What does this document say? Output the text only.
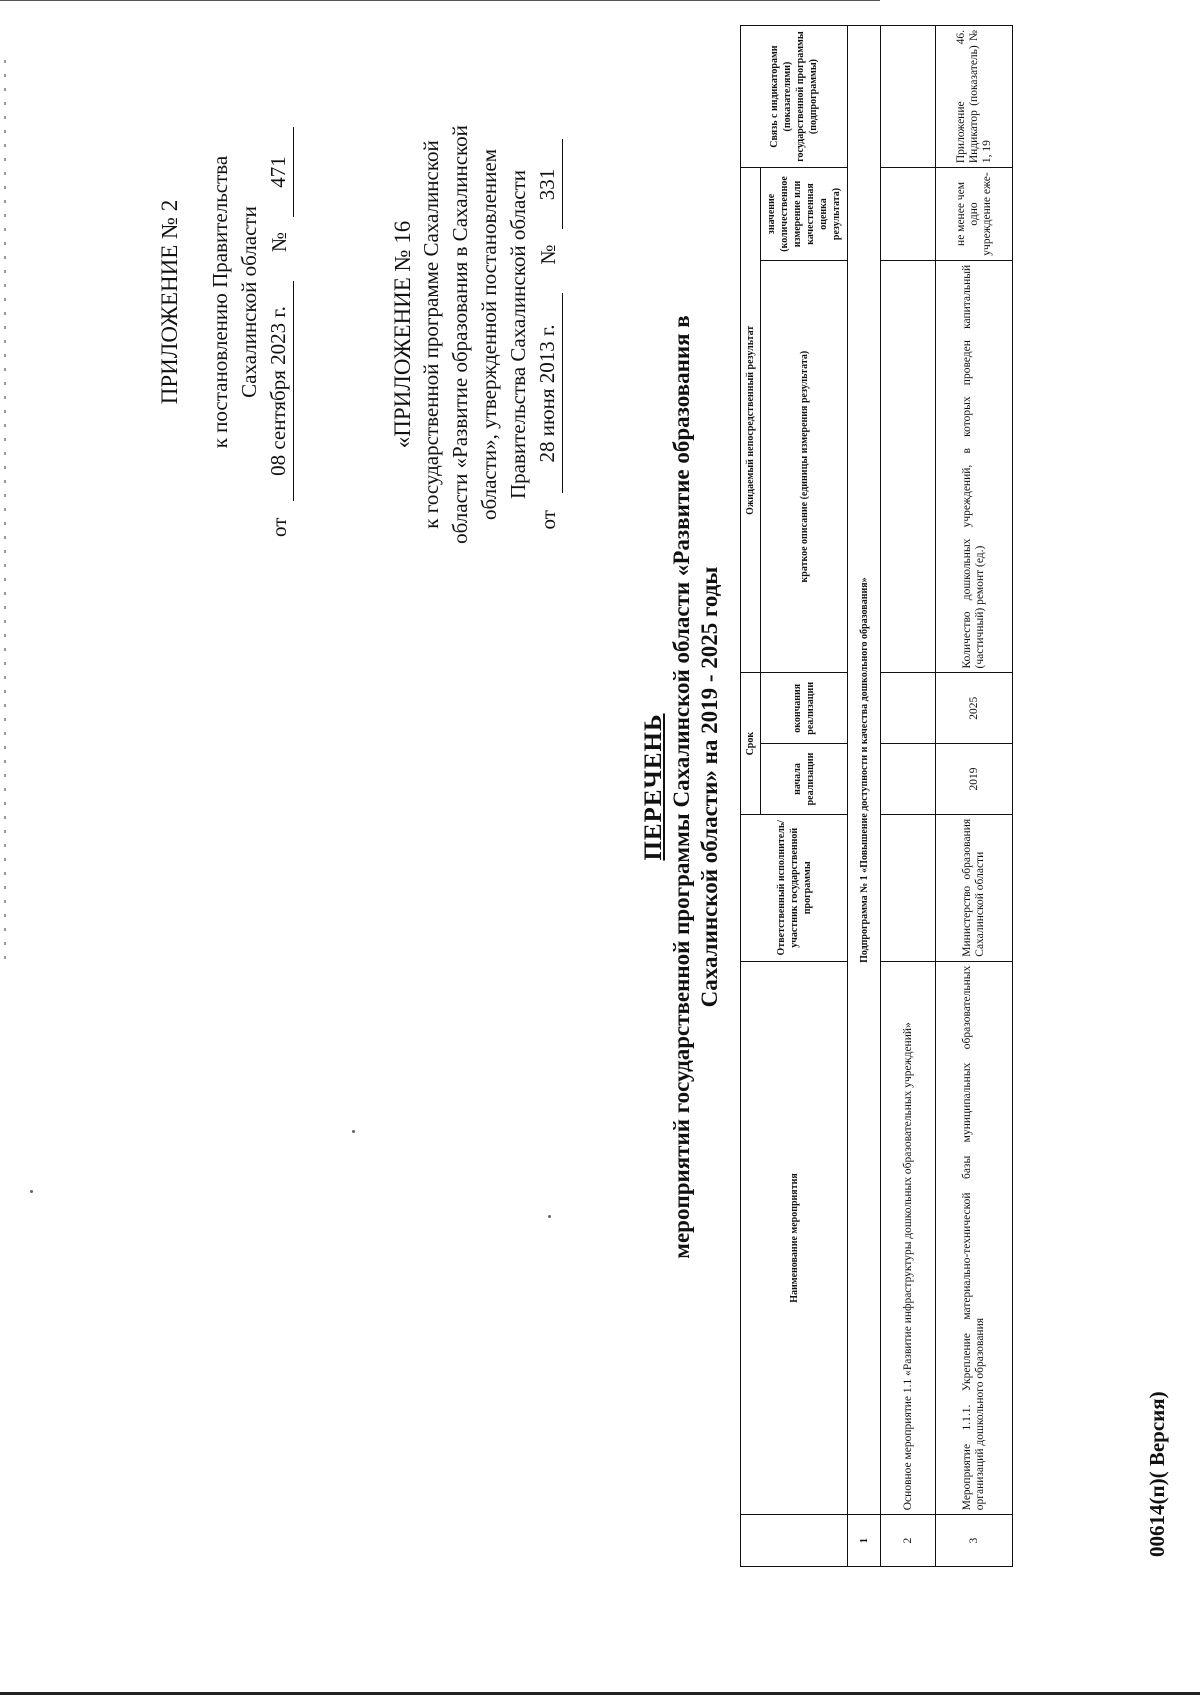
ПРИЛОЖЕНИЕ № 2 к постановлению Правительства Сахалинской области
от
08 сентября 2023 г.
№
471
«ПРИЛОЖЕНИЕ № 16 к государственной программе Сахалинской области «Развитие образования в Сахалинской области», утвержденной постановлением Правительства Сахалинской области
от
28 июня 2013 г.
№
331
ПЕРЕЧЕНЬ мероприятий государственной программы Сахалинской области «Развитие образования в Сахалинской области» на 2019 - 2025 годы
	Наименование мероприятия	Ответственный исполнитель/участник государственной программы	Срок		Ожидаемый непосредственный результат		Связь с индикаторами (показателями) государственной программы (подпрограммы)
			начала реализации	окончания реализации	краткое описание (единицы измерения результата)	значение (количественное измерение или качественная оценка результата)	
1	Подпрограмма № 1 «Повышение доступности и качества дошкольного образования»						
2	Основное мероприятие 1.1 «Развитие инфраструктуры дошкольных образовательных учреждений»						
3	Мероприятие 1.1.1. Укрепление материально-технической базы муниципальных образовательных организаций дошкольного образования	Министерство образования Сахалинской области	2019	2025	Количество дошкольных учреждений, в которых проведен капитальный (частичный) ремонт (ед.)	не менее чем одно учреждение еже-	Приложение 46. Индикатор (показатель) № 1, 19
00614(п)( Версия)
